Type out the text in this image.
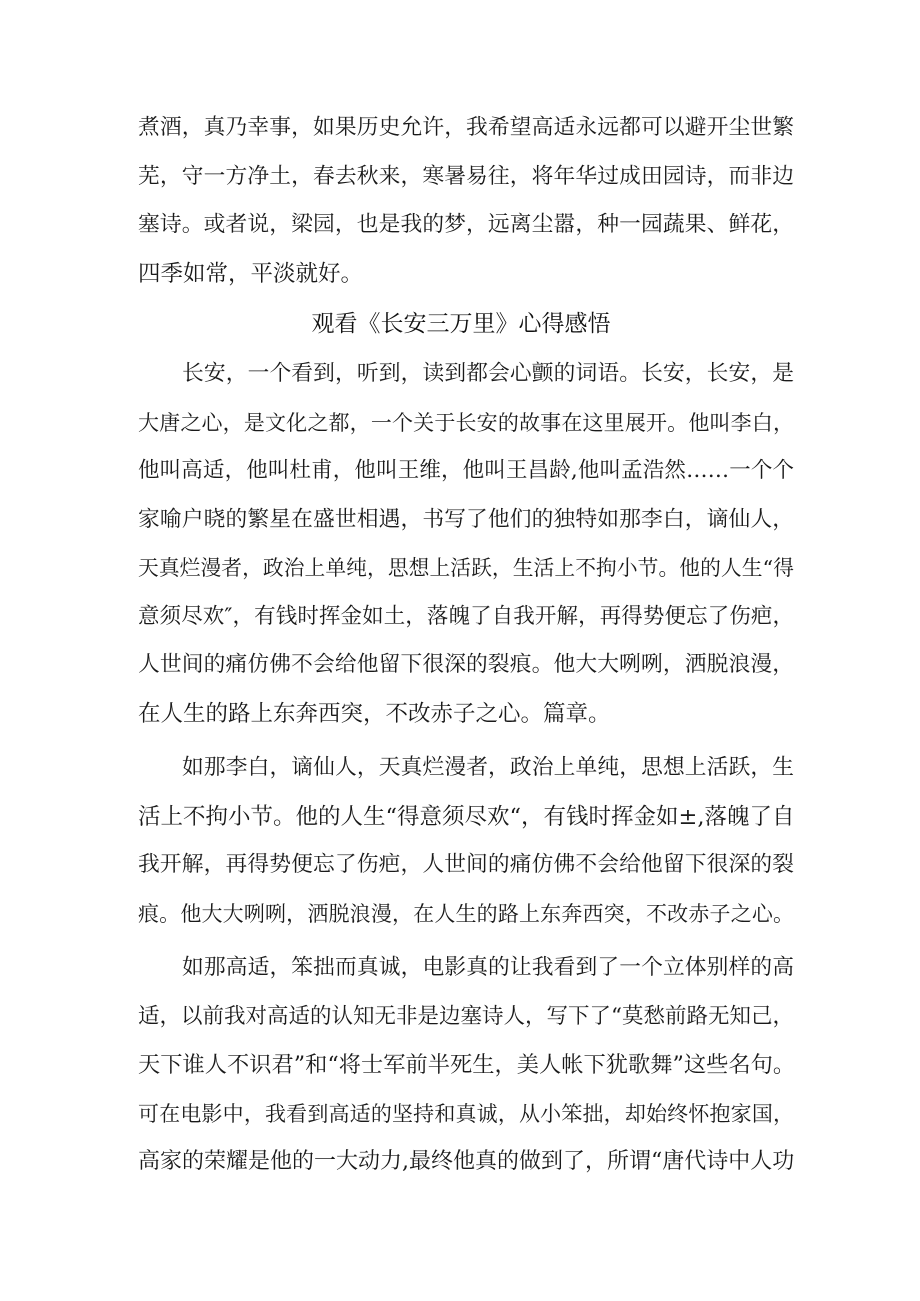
煮酒，真乃幸事，如果历史允许，我希望高适永远都可以避开尘世繁
芜，守一方净土，春去秋来，寒暑易往，将年华过成田园诗，而非边
塞诗。或者说，梁园，也是我的梦，远离尘嚣，种一园蔬果、鲜花，
四季如常，平淡就好。
观看《长安三万里》心得感悟
长安，一个看到，听到，读到都会心颤的词语。长安，长安，是
大唐之心，是文化之都，一个关于长安的故事在这里展开。他叫李白，
他叫高适，他叫杜甫，他叫王维，他叫王昌龄,他叫孟浩然……一个个
家喻户晓的繁星在盛世相遇，书写了他们的独特如那李白，谪仙人，
天真烂漫者，政治上单纯，思想上活跃，生活上不拘小节。他的人生“得
意须尽欢″，有钱时挥金如土，落魄了自我开解，再得势便忘了伤疤，
人世间的痛仿佛不会给他留下很深的裂痕。他大大咧咧，洒脱浪漫，
在人生的路上东奔西突，不改赤子之心。篇章。
如那李白，谪仙人，天真烂漫者，政治上单纯，思想上活跃，生
活上不拘小节。他的人生“得意须尽欢“，有钱时挥金如±,落魄了自
我开解，再得势便忘了伤疤，人世间的痛仿佛不会给他留下很深的裂
痕。他大大咧咧，洒脱浪漫，在人生的路上东奔西突，不改赤子之心。
如那高适，笨拙而真诚，电影真的让我看到了一个立体别样的高
适，以前我对高适的认知无非是边塞诗人，写下了“莫愁前路无知己，
天下谁人不识君”和“将士军前半死生，美人帐下犹歌舞”这些名句。
可在电影中，我看到高适的坚持和真诚，从小笨拙，却始终怀抱家国，
高家的荣耀是他的一大动力,最终他真的做到了，所谓“唐代诗中人功
